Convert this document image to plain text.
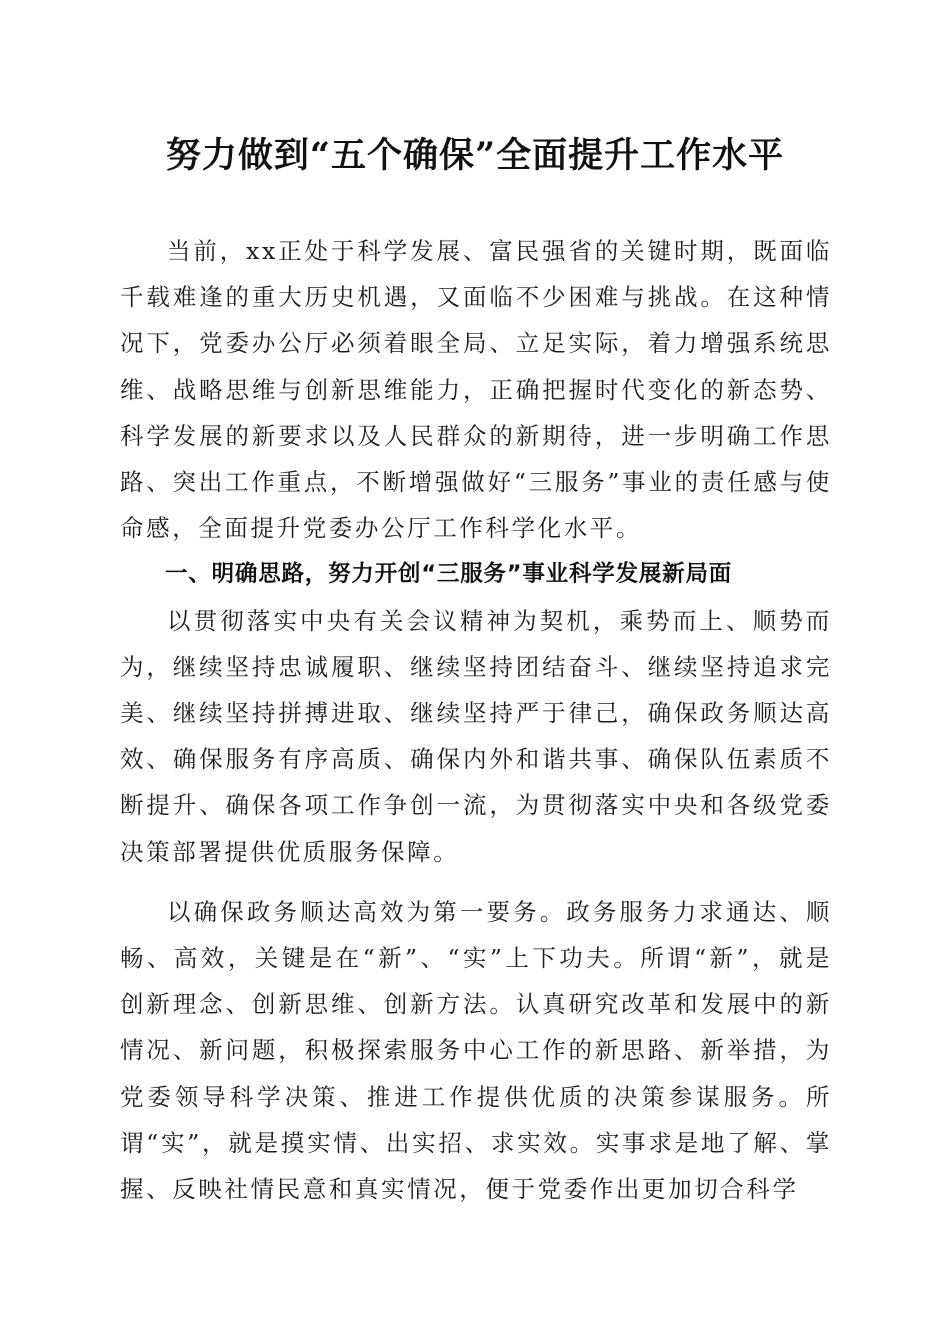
努力做到“五个确保”全面提升工作水平

当前，xx正处于科学发展、富民强省的关键时期，既面临千载难逢的重大历史机遇，又面临不少困难与挑战。在这种情况下，党委办公厅必须着眼全局、立足实际，着力增强系统思维、战略思维与创新思维能力，正确把握时代变化的新态势、科学发展的新要求以及人民群众的新期待，进一步明确工作思路、突出工作重点，不断增强做好“三服务”事业的责任感与使命感，全面提升党委办公厅工作科学化水平。

一、明确思路，努力开创“三服务”事业科学发展新局面

以贯彻落实中央有关会议精神为契机，乘势而上、顺势而为，继续坚持忠诚履职、继续坚持团结奋斗、继续坚持追求完美、继续坚持拼搏进取、继续坚持严于律己，确保政务顺达高效、确保服务有序高质、确保内外和谐共事、确保队伍素质不断提升、确保各项工作争创一流，为贯彻落实中央和各级党委决策部署提供优质服务保障。

以确保政务顺达高效为第一要务。政务服务力求通达、顺畅、高效，关键是在“新”、“实”上下功夫。所谓“新”，就是创新理念、创新思维、创新方法。认真研究改革和发展中的新情况、新问题，积极探索服务中心工作的新思路、新举措，为党委领导科学决策、推进工作提供优质的决策参谋服务。所谓“实”，就是摸实情、出实招、求实效。实事求是地了解、掌握、反映社情民意和真实情况，便于党委作出更加切合科学
